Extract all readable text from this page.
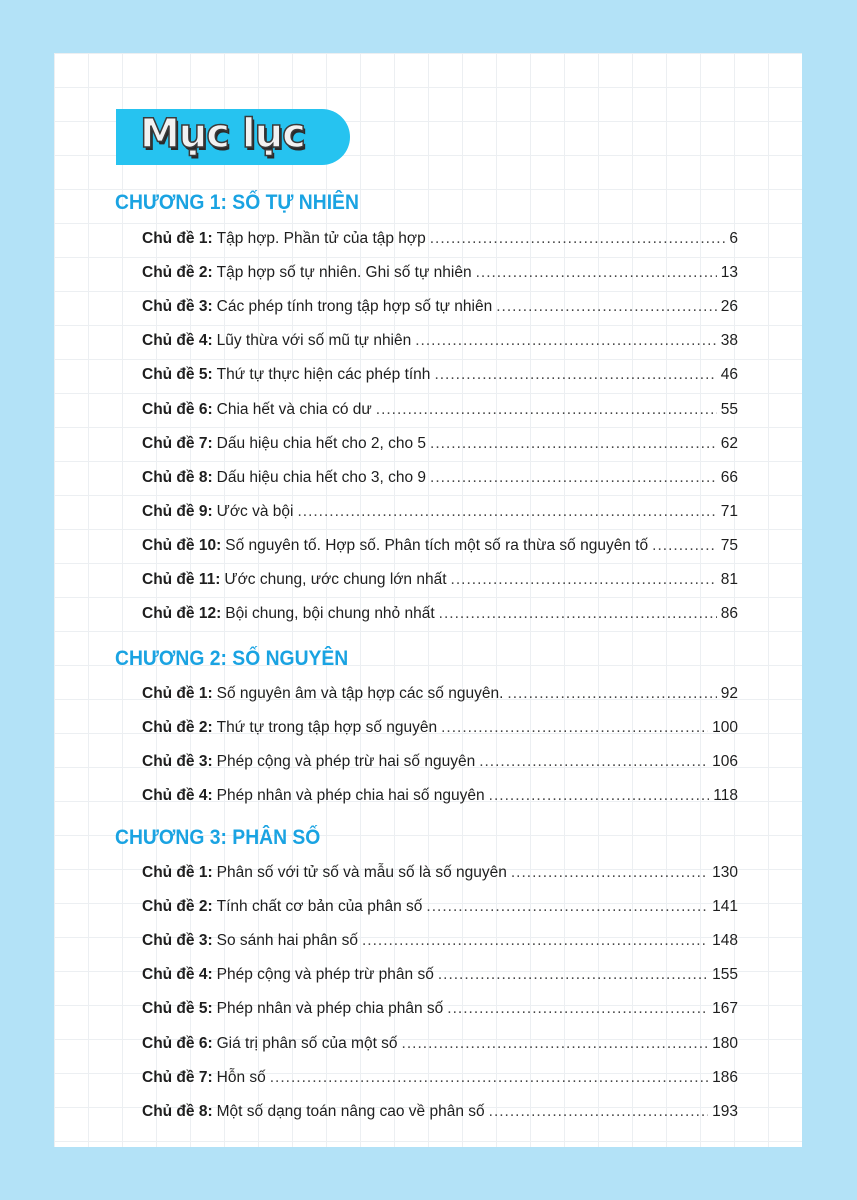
Mục lục
CHƯƠNG 1: SỐ TỰ NHIÊN
Chủ đề 1: Tập hợp. Phần tử của tập hợp .....	6
Chủ đề 2: Tập hợp số tự nhiên. Ghi số tự nhiên .....	13
Chủ đề 3: Các phép tính trong tập hợp số tự nhiên .....	26
Chủ đề 4: Lũy thừa với số mũ tự nhiên .....	38
Chủ đề 5: Thứ tự thực hiện các phép tính .....	46
Chủ đề 6: Chia hết và chia có dư .....	55
Chủ đề 7: Dấu hiệu chia hết cho 2, cho 5 .....	62
Chủ đề 8: Dấu hiệu chia hết cho 3, cho 9 .....	66
Chủ đề 9: Ước và bội .....	71
Chủ đề 10: Số nguyên tố. Hợp số. Phân tích một số ra thừa số nguyên tố .....	75
Chủ đề 11: Ước chung, ước chung lớn nhất .....	81
Chủ đề 12: Bội chung, bội chung nhỏ nhất .....	86
CHƯƠNG 2: SỐ NGUYÊN
Chủ đề 1: Số nguyên âm và tập hợp các số nguyên. .....	92
Chủ đề 2: Thứ tự trong tập hợp số nguyên .....	100
Chủ đề 3: Phép cộng và phép trừ hai số nguyên .....	106
Chủ đề 4: Phép nhân và phép chia hai số nguyên .....	118
CHƯƠNG 3: PHÂN SỐ
Chủ đề 1: Phân số với tử số và mẫu số là số nguyên .....	130
Chủ đề 2: Tính chất cơ bản của phân số .....	141
Chủ đề 3: So sánh hai phân số .....	148
Chủ đề 4: Phép cộng và phép trừ phân số .....	155
Chủ đề 5: Phép nhân và phép chia phân số .....	167
Chủ đề 6: Giá trị phân số của một số .....	180
Chủ đề 7: Hỗn số .....	186
Chủ đề 8: Một số dạng toán nâng cao về phân số .....	193
